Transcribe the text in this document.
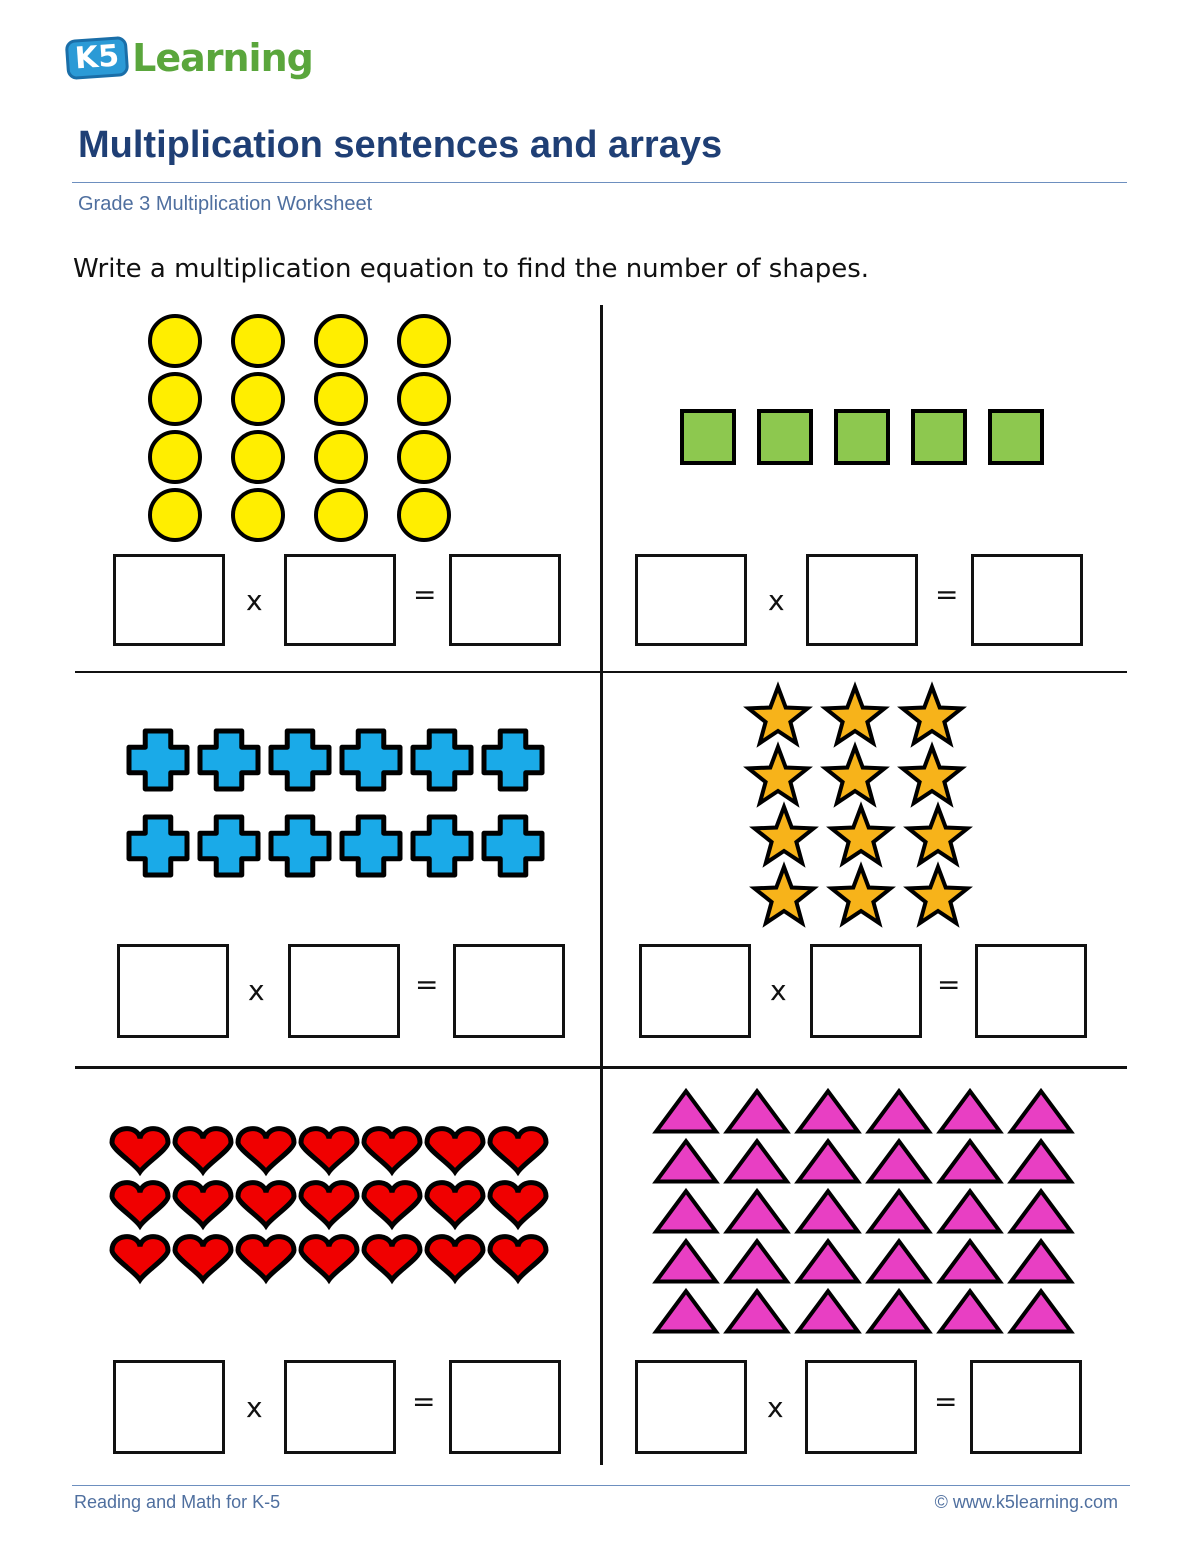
K5 Learning
Multiplication sentences and arrays
Grade 3 Multiplication Worksheet
Write a multiplication equation to find the number of shapes.
x	=	x	=
x	=	x	=
x	=	x	=
Reading and Math for K-5	© www.k5learning.com
